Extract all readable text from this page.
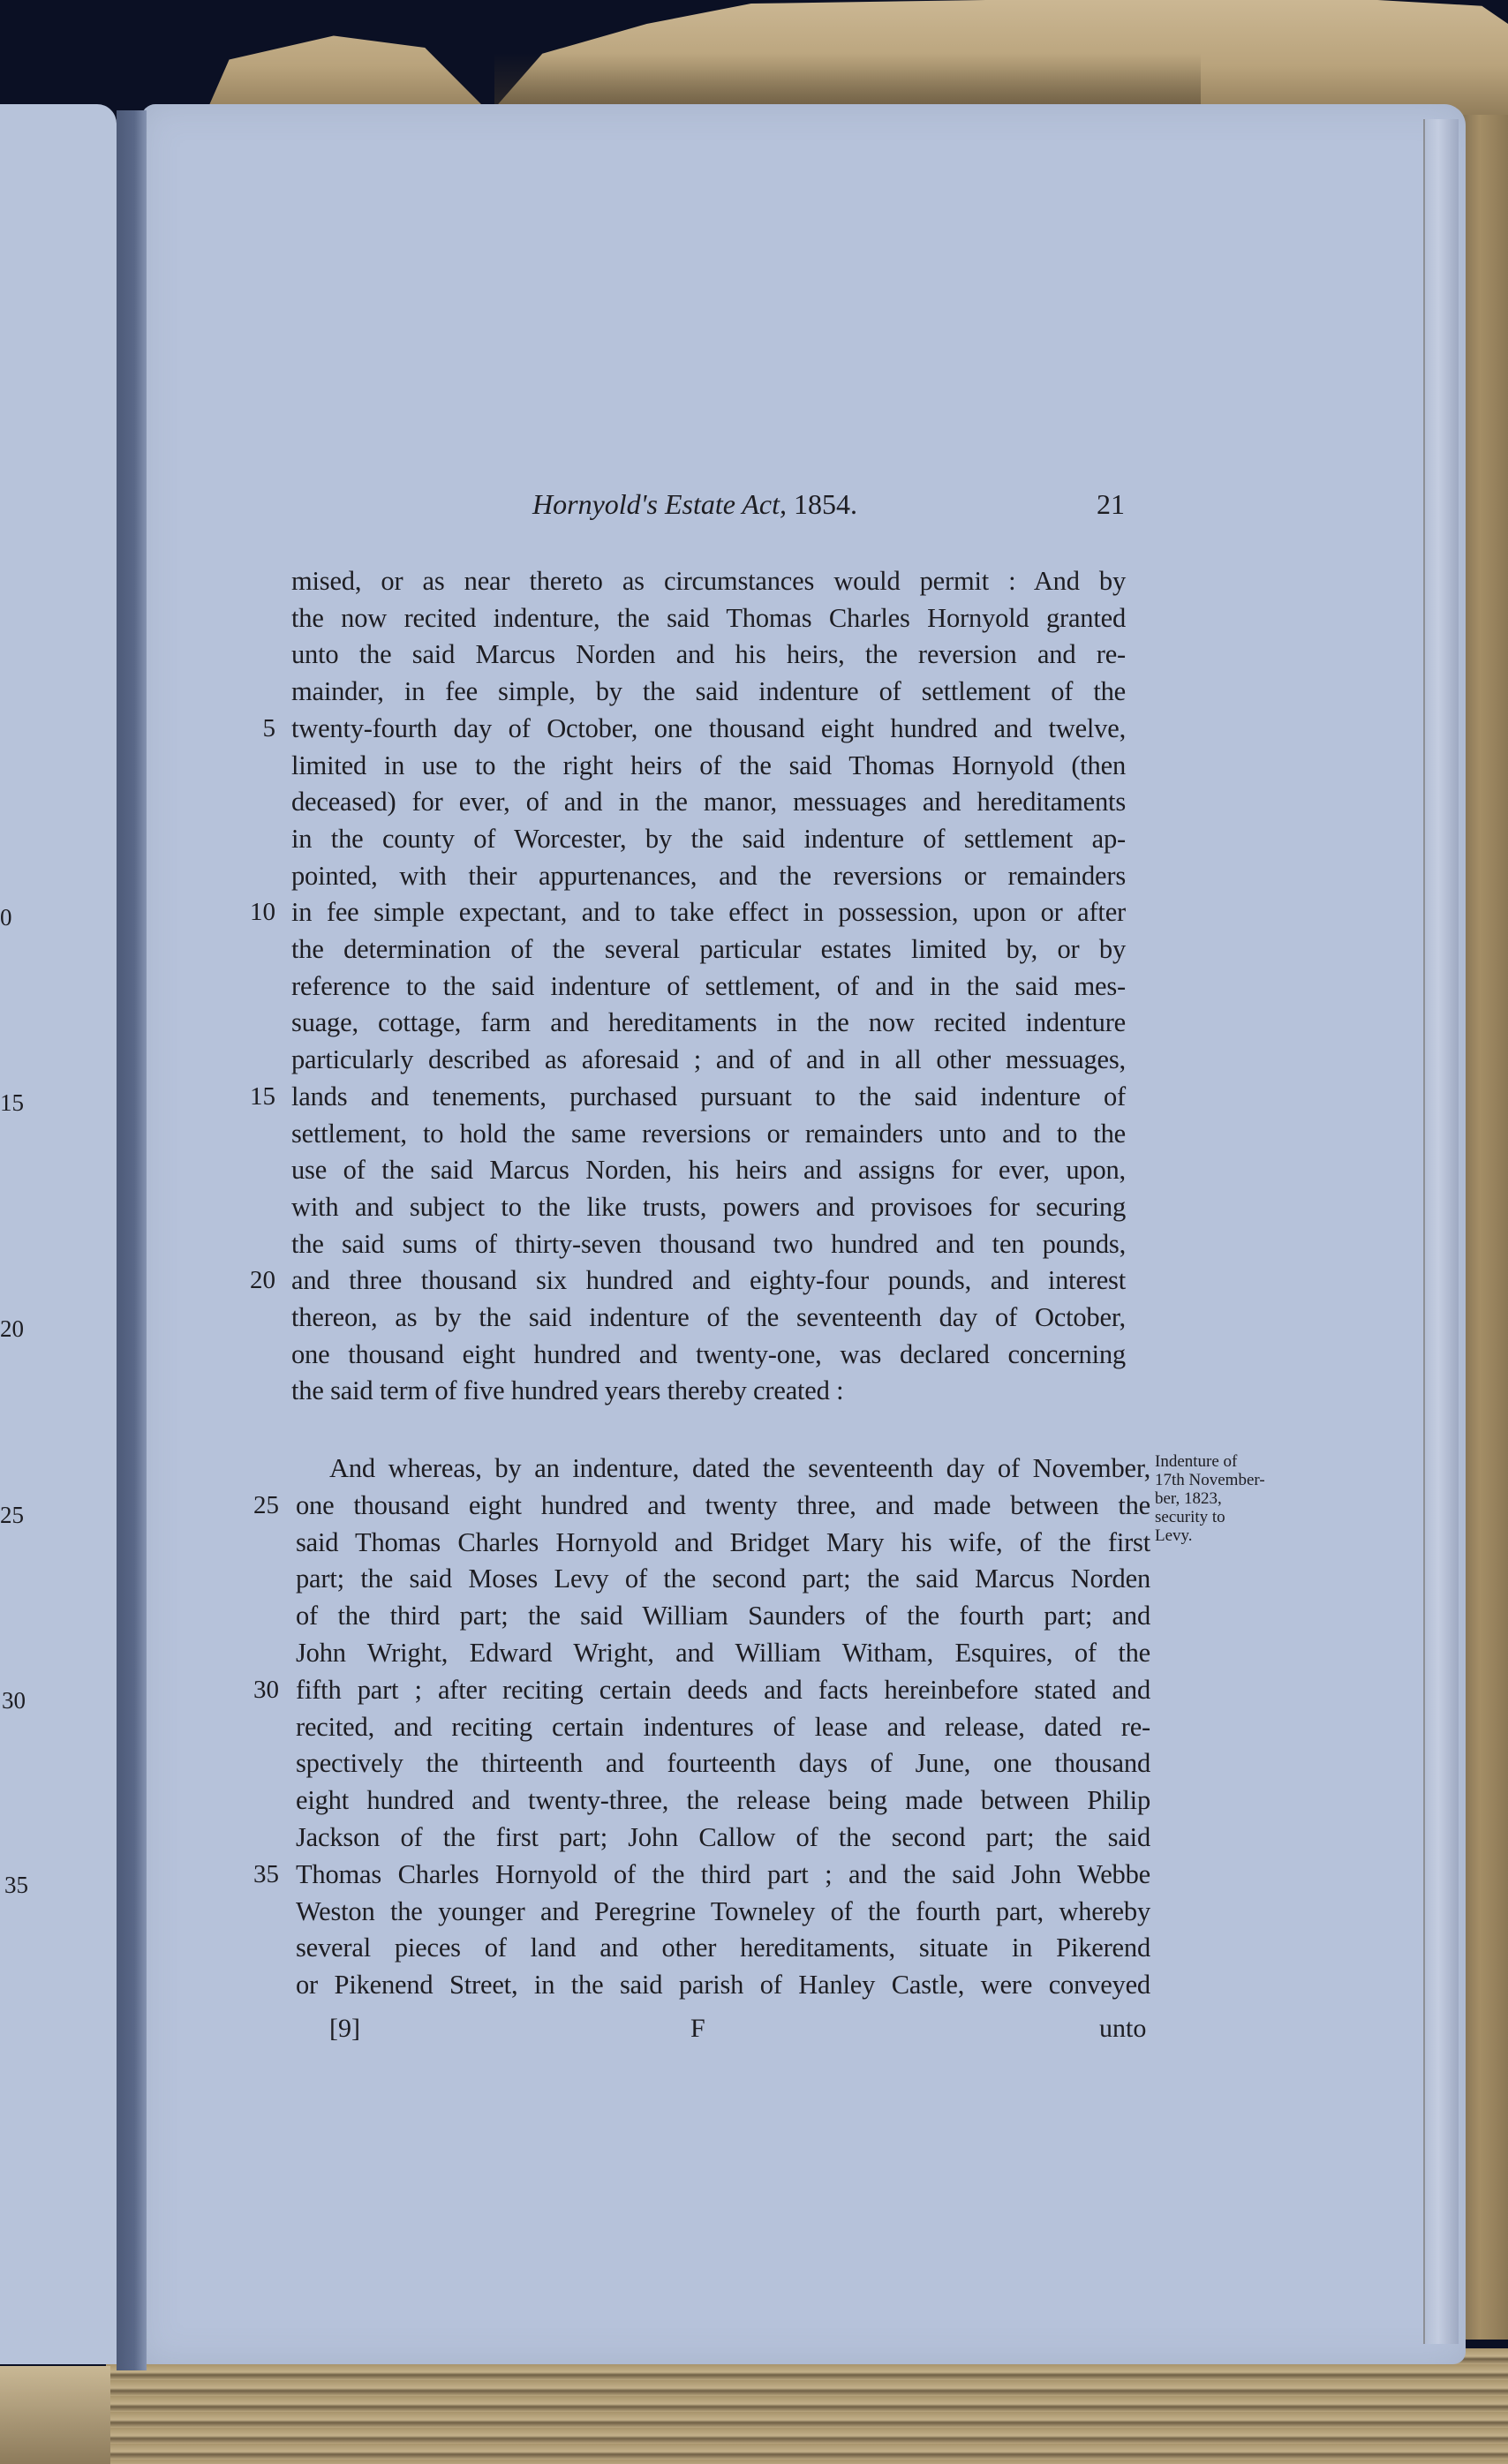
0
15
20
25
30
35
Hornyold's Estate Act, 1854.	21
mised, or as near thereto as circumstances would permit : And by
the now recited indenture, the said Thomas Charles Hornyold granted
unto the said Marcus Norden and his heirs, the reversion and re-
mainder, in fee simple, by the said indenture of settlement of the
twenty-fourth day of October, one thousand eight hundred and twelve,
5
limited in use to the right heirs of the said Thomas Hornyold (then
deceased) for ever, of and in the manor, messuages and hereditaments
in the county of Worcester, by the said indenture of settlement ap-
pointed, with their appurtenances, and the reversions or remainders
in fee simple expectant, and to take effect in possession, upon or after
10
the determination of the several particular estates limited by, or by
reference to the said indenture of settlement, of and in the said mes-
suage, cottage, farm and hereditaments in the now recited indenture
particularly described as aforesaid ; and of and in all other messuages,
lands and tenements, purchased pursuant to the said indenture of
15
settlement, to hold the same reversions or remainders unto and to the
use of the said Marcus Norden, his heirs and assigns for ever, upon,
with and subject to the like trusts, powers and provisoes for securing
the said sums of thirty-seven thousand two hundred and ten pounds,
and three thousand six hundred and eighty-four pounds, and interest
20
thereon, as by the said indenture of the seventeenth day of October,
one thousand eight hundred and twenty-one, was declared concerning
the said term of five hundred years thereby created :
And whereas, by an indenture, dated the seventeenth day of November,
one thousand eight hundred and twenty three, and made between the
25
said Thomas Charles Hornyold and Bridget Mary his wife, of the first
part; the said Moses Levy of the second part; the said Marcus Norden
of the third part; the said William Saunders of the fourth part; and
John Wright, Edward Wright, and William Witham, Esquires, of the
fifth part ; after reciting certain deeds and facts hereinbefore stated and
30
recited, and reciting certain indentures of lease and release, dated re-
spectively the thirteenth and fourteenth days of June, one thousand
eight hundred and twenty-three, the release being made between Philip
Jackson of the first part; John Callow of the second part; the said
Thomas Charles Hornyold of the third part ; and the said John Webbe
35
Weston the younger and Peregrine Towneley of the fourth part, whereby
several pieces of land and other hereditaments, situate in Pikerend
or Pikenend Street, in the said parish of Hanley Castle, were conveyed
Indenture of
17th November-
ber, 1823,
security to
Levy.
[9]	F	unto
